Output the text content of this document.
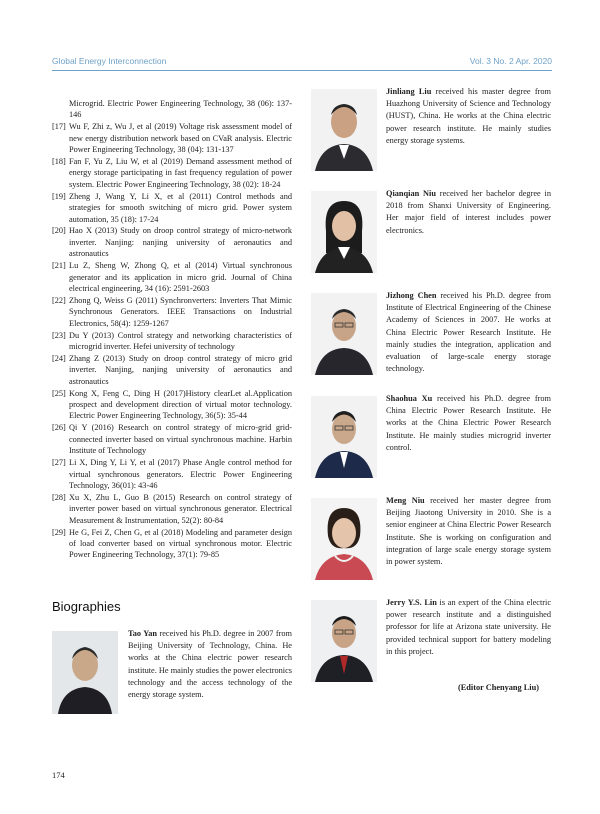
Global Energy Interconnection	Vol. 3 No. 2 Apr. 2020
Microgrid. Electric Power Engineering Technology, 38 (06): 137-146
[17] Wu F, Zhi z, Wu J, et al (2019) Voltage risk assessment model of new energy distribution network based on CVaR analysis. Electric Power Engineering Technology, 38 (04): 131-137
[18] Fan F, Yu Z, Liu W, et al (2019) Demand assessment method of energy storage participating in fast frequency regulation of power system. Electric Power Engineering Technology, 38 (02): 18-24
[19] Zheng J, Wang Y, Li X, et al (2011) Control methods and strategies for smooth switching of micro grid. Power system automation, 35 (18): 17-24
[20] Hao X (2013) Study on droop control strategy of micro-network inverter. Nanjing: nanjing university of aeronautics and astronautics
[21] Lu Z, Sheng W, Zhong Q, et al (2014) Virtual synchronous generator and its application in micro grid. Journal of China electrical engineering, 34 (16): 2591-2603
[22] Zhong Q, Weiss G (2011) Synchronverters: Inverters That Mimic Synchronous Generators. IEEE Transactions on Industrial Electronics, 58(4): 1259-1267
[23] Du Y (2013) Control strategy and networking characteristics of microgrid inverter. Hefei university of technology
[24] Zhang Z (2013) Study on droop control strategy of micro grid inverter. Nanjing, nanjing university of aeronautics and astronautics
[25] Kong X, Feng C, Ding H (2017)History clearLet al.Application prospect and development direction of virtual motor technology. Electric Power Engineering Technology, 36(5): 35-44
[26] Qi Y (2016) Research on control strategy of micro-grid grid-connected inverter based on virtual synchronous machine. Harbin Institute of Technology
[27] Li X, Ding Y, Li Y, et al (2017) Phase Angle control method for virtual synchronous generators. Electric Power Engineering Technology, 36(01): 43-46
[28] Xu X, Zhu L, Guo B (2015) Research on control strategy of inverter power based on virtual synchronous generator. Electrical Measurement & Instrumentation, 52(2): 80-84
[29] He G, Fei Z, Chen G, et al (2018) Modeling and parameter design of load converter based on virtual synchronous motor. Electric Power Engineering Technology, 37(1): 79-85
Biographies
Tao Yan received his Ph.D. degree in 2007 from Beijing University of Technology, China. He works at the China electric power research institute. He mainly studies the power electronics technology and the access technology of the energy storage system.
Jinliang Liu received his master degree from Huazhong University of Science and Technology (HUST), China. He works at the China electric power research institute. He mainly studies energy storage systems.
Qianqian Niu received her bachelor degree in 2018 from Shanxi University of Engineering. Her major field of interest includes power electronics.
Jizhong Chen received his Ph.D. degree from Institute of Electrical Engineering of the Chinese Academy of Sciences in 2007. He works at China Electric Power Research Institute. He mainly studies the integration, application and evaluation of large-scale energy storage technology.
Shaohua Xu received his Ph.D. degree from China Electric Power Research Institute. He works at the China Electric Power Research Institute. He mainly studies microgrid inverter control.
Meng Niu received her master degree from Beijing Jiaotong University in 2010. She is a senior engineer at China Electric Power Research Institute. She is working on configuration and integration of large scale energy storage system in power system.
Jerry Y.S. Lin is an expert of the China electric power research institute and a distinguished professor for life at Arizona state university. He provided technical support for battery modeling in this project.
(Editor Chenyang Liu)
174
